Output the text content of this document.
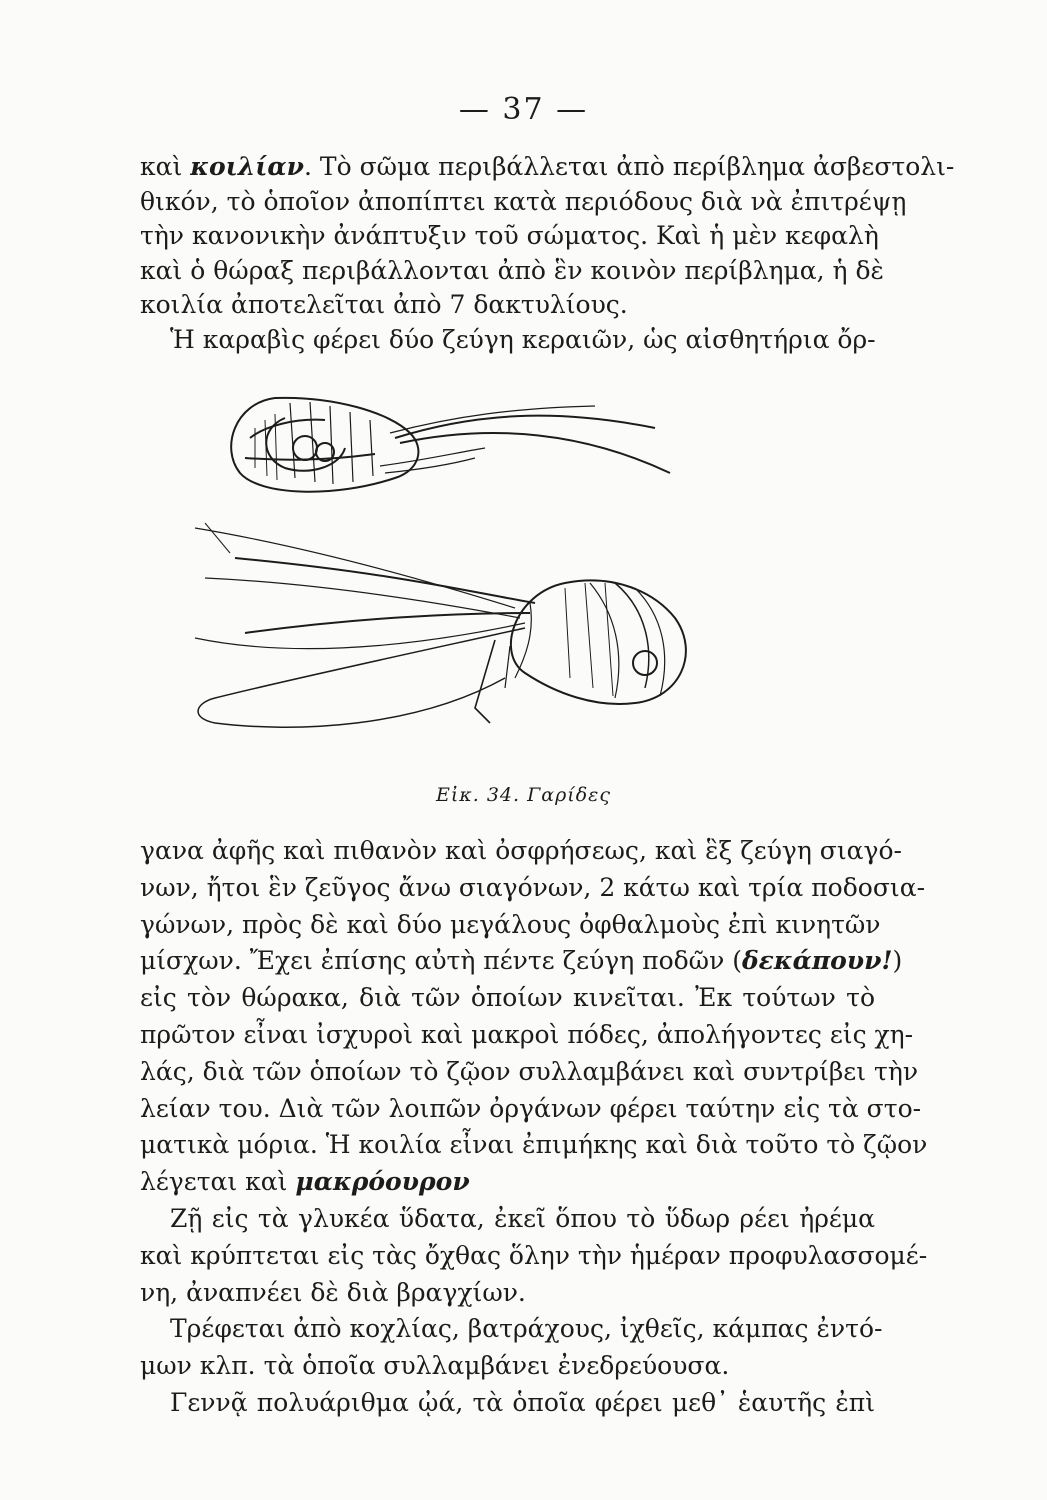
— 37 —
καὶ κοιλίαν. Τὸ σῶμα περιβάλλεται ἀπὸ περίβλημα ἀσβεστολι-
θικόν, τὸ ὁποῖον ἀποπίπτει κατὰ περιόδους διὰ νὰ ἐπιτρέψῃ
τὴν κανονικὴν ἀνάπτυξιν τοῦ σώματος. Καὶ ἡ μὲν κεφαλὴ
καὶ ὁ θώραξ περιβάλλονται ἀπὸ ἓν κοινὸν περίβλημα, ἡ δὲ
κοιλία ἀποτελεῖται ἀπὸ 7 δακτυλίους.
Ἡ καραβὶς φέρει δύο ζεύγη κεραιῶν, ὡς αἰσθητήρια ὄρ-
Εἰκ. 34. Γαρίδες
γανα ἀφῆς καὶ πιθανὸν καὶ ὀσφρήσεως, καὶ ἓξ ζεύγη σιαγό-
νων, ἤτοι ἓν ζεῦγος ἄνω σιαγόνων, 2 κάτω καὶ τρία ποδοσια-
γώνων, πρὸς δὲ καὶ δύο μεγάλους ὀφθαλμοὺς ἐπὶ κινητῶν
μίσχων. Ἔχει ἐπίσης αὐτὴ πέντε ζεύγη ποδῶν (δεκάπουν!)
εἰς τὸν θώρακα, διὰ τῶν ὁποίων κινεῖται. Ἐκ τούτων τὸ
πρῶτον εἶναι ἰσχυροὶ καὶ μακροὶ πόδες, ἀπολήγοντες εἰς χη-
λάς, διὰ τῶν ὁποίων τὸ ζῷον συλλαμβάνει καὶ συντρίβει τὴν
λείαν του. Διὰ τῶν λοιπῶν ὀργάνων φέρει ταύτην εἰς τὰ στο-
ματικὰ μόρια. Ἡ κοιλία εἶναι ἐπιμήκης καὶ διὰ τοῦτο τὸ ζῷον
λέγεται καὶ μακρόουρον
Ζῇ εἰς τὰ γλυκέα ὕδατα, ἐκεῖ ὅπου τὸ ὕδωρ ρέει ἠρέμα
καὶ κρύπτεται εἰς τὰς ὄχθας ὅλην τὴν ἡμέραν προφυλασσομέ-
νη, ἀναπνέει δὲ διὰ βραγχίων.
Τρέφεται ἀπὸ κοχλίας, βατράχους, ἰχθεῖς, κάμπας ἐντό-
μων κλπ. τὰ ὁποῖα συλλαμβάνει ἐνεδρεύουσα.
Γεννᾷ πολυάριθμα ᾠά, τὰ ὁποῖα φέρει μεθ᾽ ἑαυτῆς ἐπὶ
